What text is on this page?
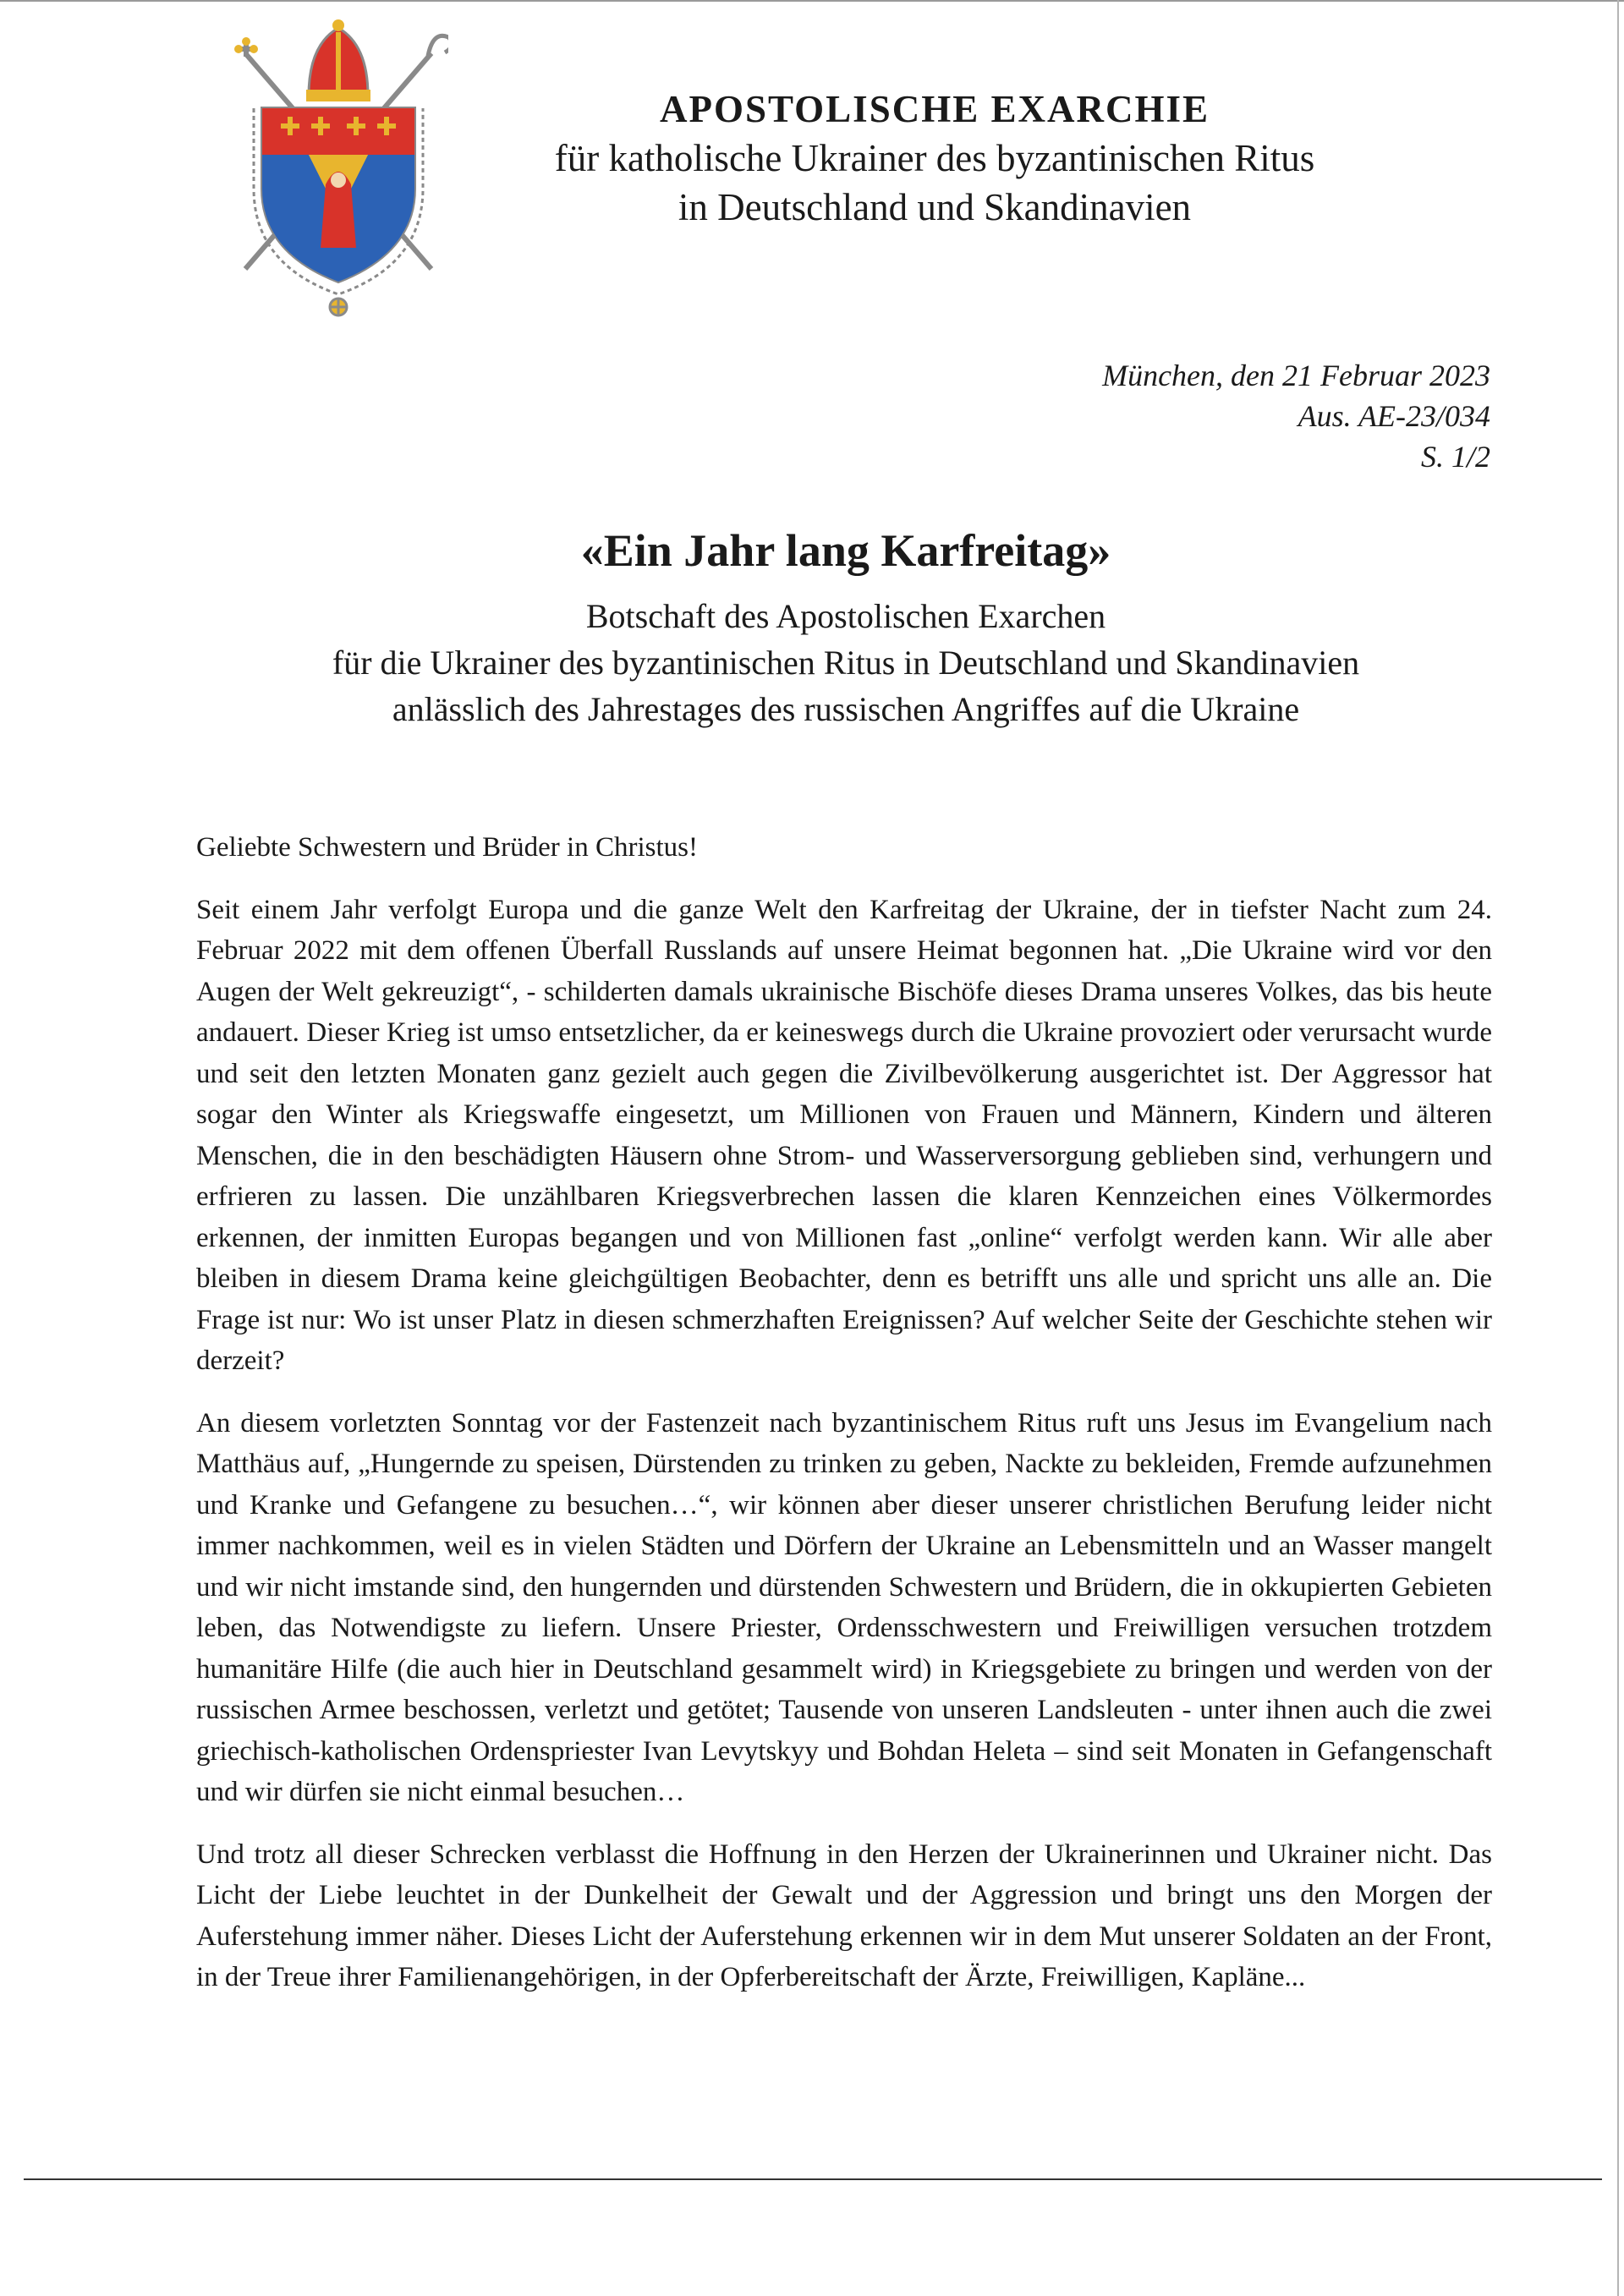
APOSTOLISCHE EXARCHIE
für katholische Ukrainer des byzantinischen Ritus
in Deutschland und Skandinavien
München, den 21 Februar 2023
Aus. AE-23/034
S. 1/2
«Ein Jahr lang Karfreitag»
Botschaft des Apostolischen Exarchen
für die Ukrainer des byzantinischen Ritus in Deutschland und Skandinavien
anlässlich des Jahrestages des russischen Angriffes auf die Ukraine
Geliebte Schwestern und Brüder in Christus!

Seit einem Jahr verfolgt Europa und die ganze Welt den Karfreitag der Ukraine, der in tiefster Nacht zum 24. Februar 2022 mit dem offenen Überfall Russlands auf unsere Heimat begonnen hat. „Die Ukraine wird vor den Augen der Welt gekreuzigt“, - schilderten damals ukrainische Bischöfe dieses Drama unseres Volkes, das bis heute andauert. Dieser Krieg ist umso entsetzlicher, da er keineswegs durch die Ukraine provoziert oder verursacht wurde und seit den letzten Monaten ganz gezielt auch gegen die Zivilbevölkerung ausgerichtet ist. Der Aggressor hat sogar den Winter als Kriegswaffe eingesetzt, um Millionen von Frauen und Männern, Kindern und älteren Menschen, die in den beschädigten Häusern ohne Strom- und Wasserversorgung geblieben sind, verhungern und erfrieren zu lassen. Die unzählbaren Kriegsverbrechen lassen die klaren Kennzeichen eines Völkermordes erkennen, der inmitten Europas begangen und von Millionen fast „online“ verfolgt werden kann. Wir alle aber bleiben in diesem Drama keine gleichgültigen Beobachter, denn es betrifft uns alle und spricht uns alle an. Die Frage ist nur: Wo ist unser Platz in diesen schmerzhaften Ereignissen? Auf welcher Seite der Geschichte stehen wir derzeit?

An diesem vorletzten Sonntag vor der Fastenzeit nach byzantinischem Ritus ruft uns Jesus im Evangelium nach Matthäus auf, „Hungernde zu speisen, Dürstenden zu trinken zu geben, Nackte zu bekleiden, Fremde aufzunehmen und Kranke und Gefangene zu besuchen…“, wir können aber dieser unserer christlichen Berufung leider nicht immer nachkommen, weil es in vielen Städten und Dörfern der Ukraine an Lebensmitteln und an Wasser mangelt und wir nicht imstande sind, den hungernden und dürstenden Schwestern und Brüdern, die in okkupierten Gebieten leben, das Notwendigste zu liefern. Unsere Priester, Ordensschwestern und Freiwilligen versuchen trotzdem humanitäre Hilfe (die auch hier in Deutschland gesammelt wird) in Kriegsgebiete zu bringen und werden von der russischen Armee beschossen, verletzt und getötet; Tausende von unseren Landsleuten - unter ihnen auch die zwei griechisch-katholischen Ordenspriester Ivan Levytskyy und Bohdan Heleta – sind seit Monaten in Gefangenschaft und wir dürfen sie nicht einmal besuchen…

Und trotz all dieser Schrecken verblasst die Hoffnung in den Herzen der Ukrainerinnen und Ukrainer nicht. Das Licht der Liebe leuchtet in der Dunkelheit der Gewalt und der Aggression und bringt uns den Morgen der Auferstehung immer näher. Dieses Licht der Auferstehung erkennen wir in dem Mut unserer Soldaten an der Front, in der Treue ihrer Familienangehörigen, in der Opferbereitschaft der Ärzte, Freiwilligen, Kapläne...
